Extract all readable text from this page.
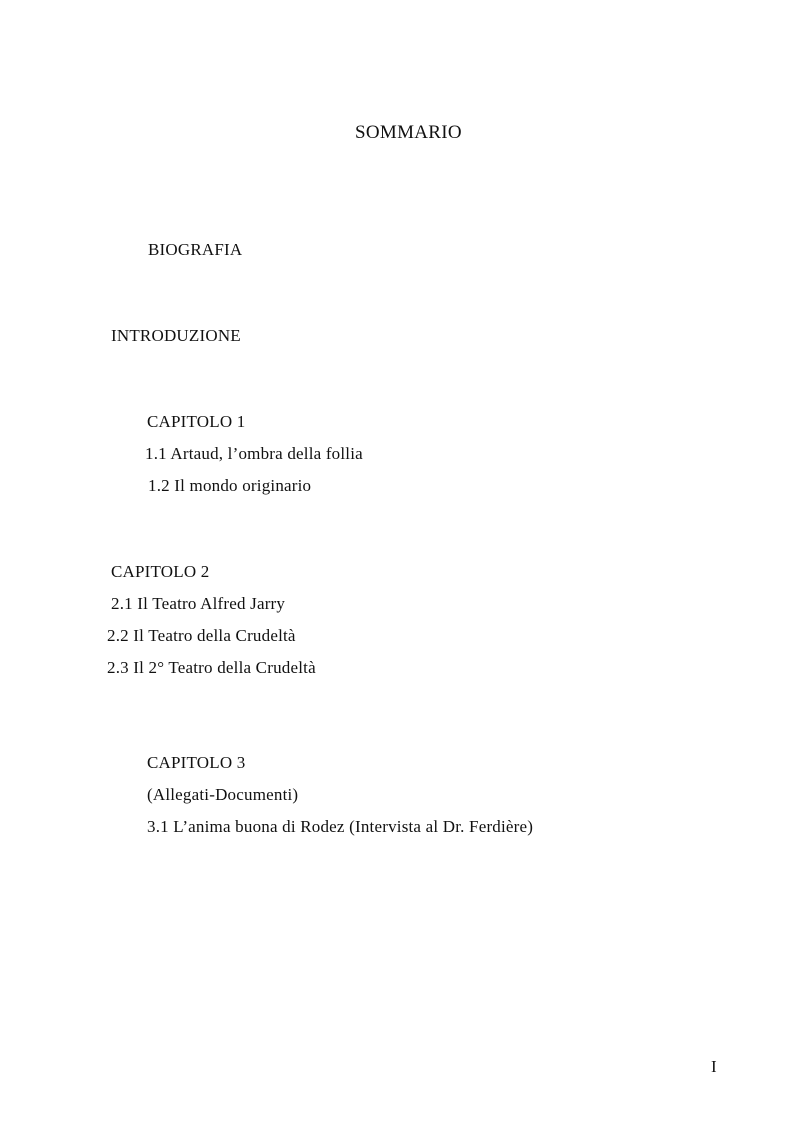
SOMMARIO
BIOGRAFIA
INTRODUZIONE
CAPITOLO 1
1.1 Artaud, l’ombra della follia
1.2 Il mondo originario
CAPITOLO 2
2.1 Il Teatro Alfred Jarry
2.2 Il Teatro della Crudeltà
2.3 Il 2° Teatro della Crudeltà
CAPITOLO 3
(Allegati-Documenti)
3.1 L’anima buona di Rodez (Intervista al Dr. Ferdière)
I
